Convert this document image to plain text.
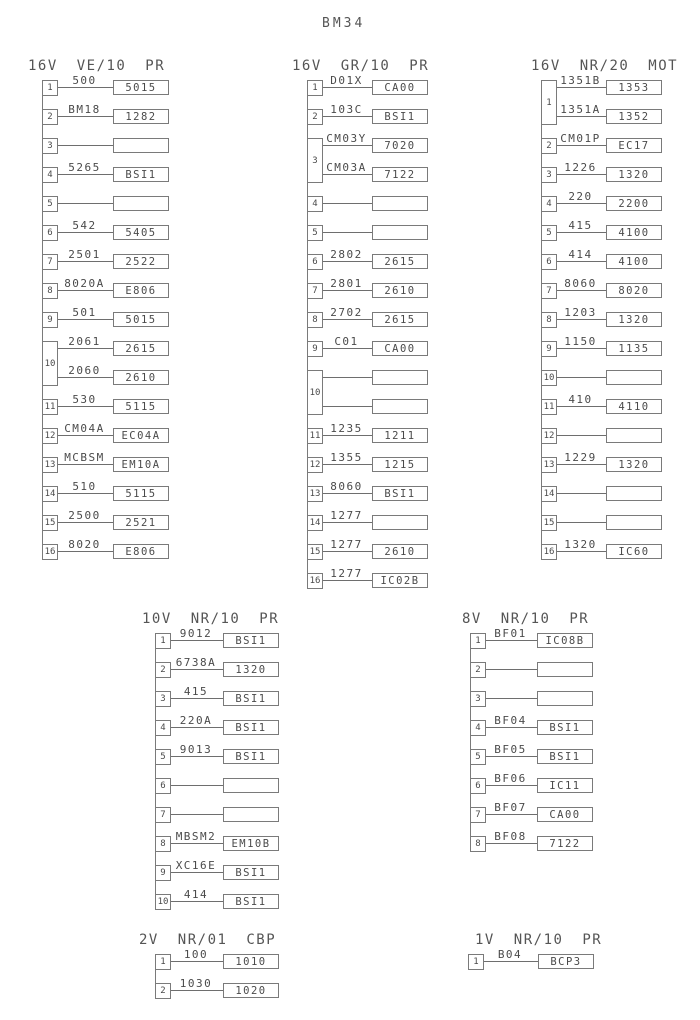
BM34
16V VE/10 PR
1
500
5015
2
BM18
1282
3
4
5265
BSI1
5
6
542
5405
7
2501
2522
8
8020A
E806
9
501
5015
10
2061
2615
2060
2610
11
530
5115
12
CM04A
EC04A
13
MCBSM
EM10A
14
510
5115
15
2500
2521
16
8020
E806
16V GR/10 PR
1
D01X
CA00
2
103C
BSI1
3
CM03Y
7020
CM03A
7122
4
5
6
2802
2615
7
2801
2610
8
2702
2615
9
C01
CA00
10
11
1235
1211
12
1355
1215
13
8060
BSI1
14
1277
15
1277
2610
16
1277
IC02B
16V NR/20 MOT
1
1351B
1353
1351A
1352
2
CM01P
EC17
3
1226
1320
4
220
2200
5
415
4100
6
414
4100
7
8060
8020
8
1203
1320
9
1150
1135
10
11
410
4110
12
13
1229
1320
14
15
16
1320
IC60
10V NR/10 PR
1
9012
BSI1
2
6738A
1320
3
415
BSI1
4
220A
BSI1
5
9013
BSI1
6
7
8
MBSM2
EM10B
9
XC16E
BSI1
10
414
BSI1
8V NR/10 PR
1
BF01
IC08B
2
3
4
BF04
BSI1
5
BF05
BSI1
6
BF06
IC11
7
BF07
CA00
8
BF08
7122
2V NR/01 CBP
1
100
1010
2
1030
1020
1V NR/10 PR
1
B04
BCP3
